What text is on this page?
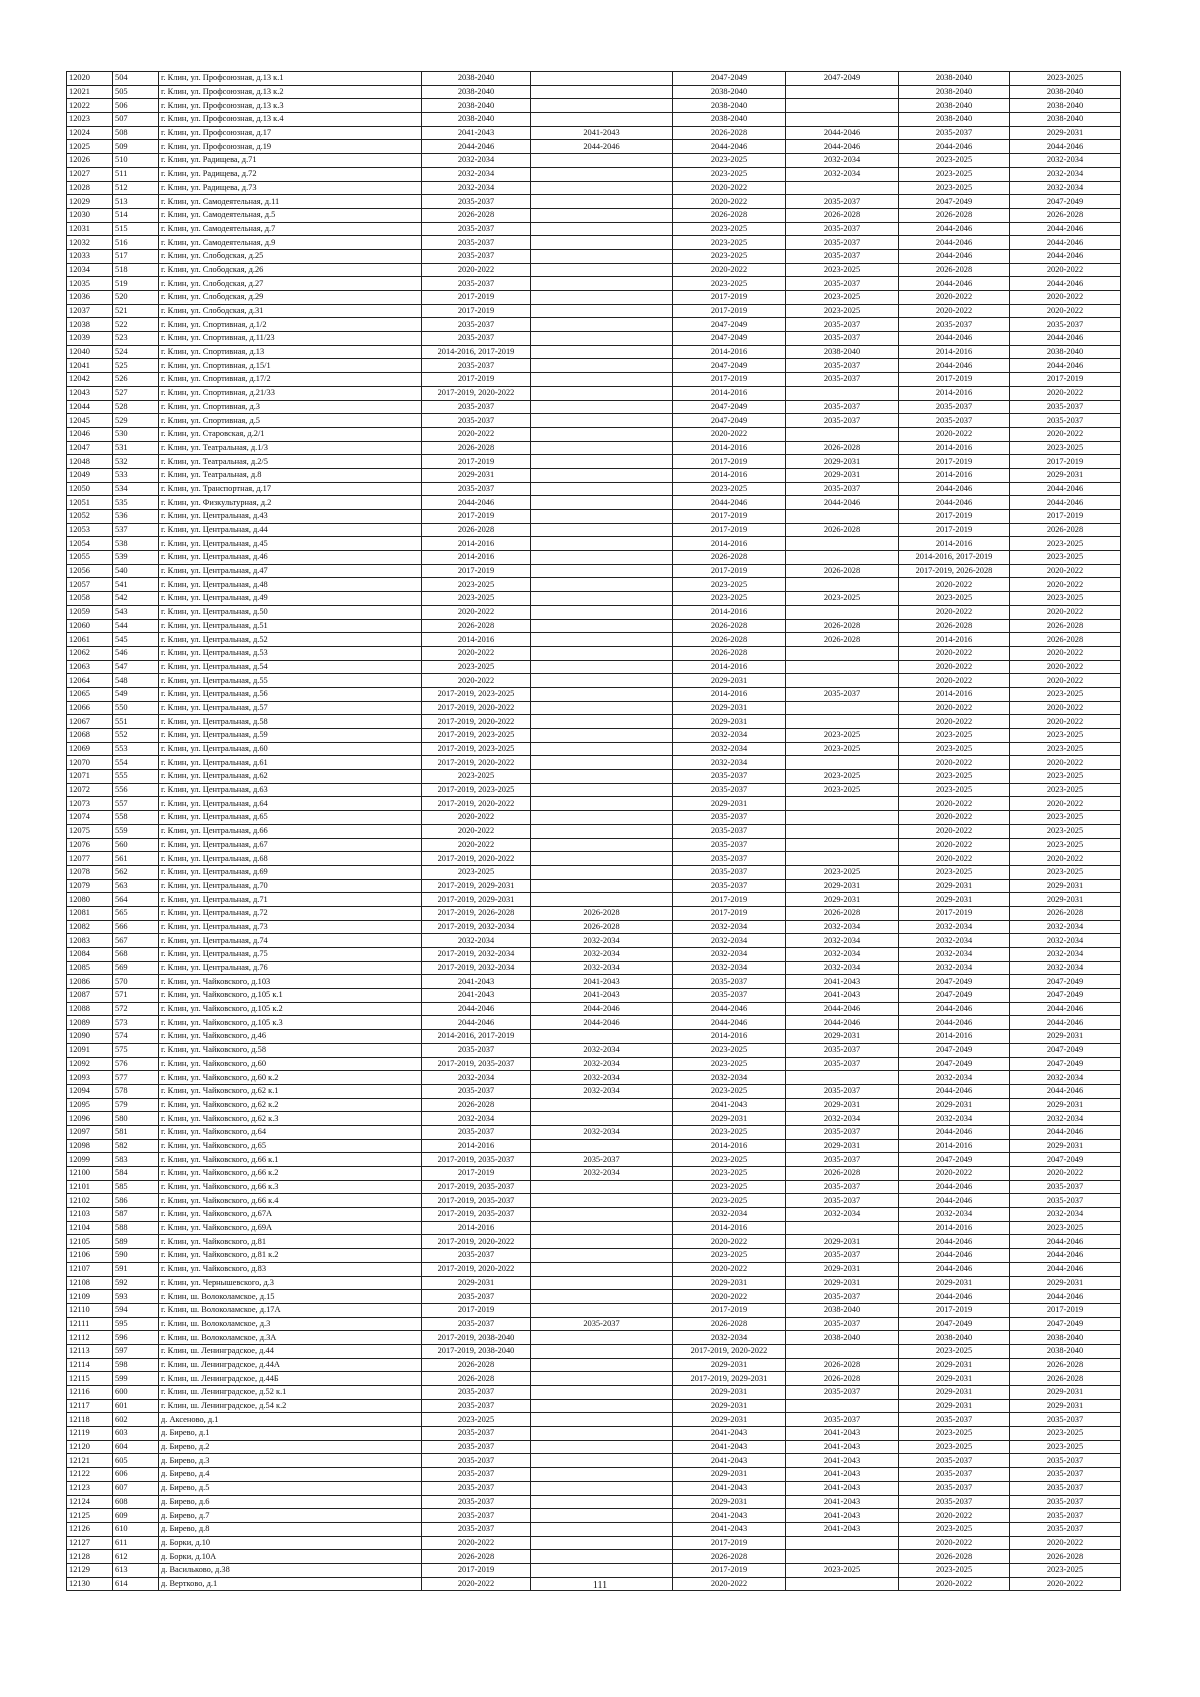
12020	504	г. Клин, ул. Профсоюзная, д.13 к.1	2038-2040		2047-2049	2047-2049	2038-2040	2023-2025
12021	505	г. Клин, ул. Профсоюзная, д.13 к.2	2038-2040		2038-2040		2038-2040	2038-2040
12022	506	г. Клин, ул. Профсоюзная, д.13 к.3	2038-2040		2038-2040		2038-2040	2038-2040
12023	507	г. Клин, ул. Профсоюзная, д.13 к.4	2038-2040		2038-2040		2038-2040	2038-2040
12024	508	г. Клин, ул. Профсоюзная, д.17	2041-2043	2041-2043	2026-2028	2044-2046	2035-2037	2029-2031
12025	509	г. Клин, ул. Профсоюзная, д.19	2044-2046	2044-2046	2044-2046	2044-2046	2044-2046	2044-2046
12026	510	г. Клин, ул. Радищева, д.71	2032-2034		2023-2025	2032-2034	2023-2025	2032-2034
12027	511	г. Клин, ул. Радищева, д.72	2032-2034		2023-2025	2032-2034	2023-2025	2032-2034
12028	512	г. Клин, ул. Радищева, д.73	2032-2034		2020-2022		2023-2025	2032-2034
12029	513	г. Клин, ул. Самодеятельная, д.11	2035-2037		2020-2022	2035-2037	2047-2049	2047-2049
12030	514	г. Клин, ул. Самодеятельная, д.5	2026-2028		2026-2028	2026-2028	2026-2028	2026-2028
12031	515	г. Клин, ул. Самодеятельная, д.7	2035-2037		2023-2025	2035-2037	2044-2046	2044-2046
12032	516	г. Клин, ул. Самодеятельная, д.9	2035-2037		2023-2025	2035-2037	2044-2046	2044-2046
12033	517	г. Клин, ул. Слободская, д.25	2035-2037		2023-2025	2035-2037	2044-2046	2044-2046
12034	518	г. Клин, ул. Слободская, д.26	2020-2022		2020-2022	2023-2025	2026-2028	2020-2022
12035	519	г. Клин, ул. Слободская, д.27	2035-2037		2023-2025	2035-2037	2044-2046	2044-2046
12036	520	г. Клин, ул. Слободская, д.29	2017-2019		2017-2019	2023-2025	2020-2022	2020-2022
12037	521	г. Клин, ул. Слободская, д.31	2017-2019		2017-2019	2023-2025	2020-2022	2020-2022
12038	522	г. Клин, ул. Спортивная, д.1/2	2035-2037		2047-2049	2035-2037	2035-2037	2035-2037
12039	523	г. Клин, ул. Спортивная, д.11/23	2035-2037		2047-2049	2035-2037	2044-2046	2044-2046
12040	524	г. Клин, ул. Спортивная, д.13	2014-2016, 2017-2019		2014-2016	2038-2040	2014-2016	2038-2040
12041	525	г. Клин, ул. Спортивная, д.15/1	2035-2037		2047-2049	2035-2037	2044-2046	2044-2046
12042	526	г. Клин, ул. Спортивная, д.17/2	2017-2019		2017-2019	2035-2037	2017-2019	2017-2019
12043	527	г. Клин, ул. Спортивная, д.21/33	2017-2019, 2020-2022		2014-2016		2014-2016	2020-2022
12044	528	г. Клин, ул. Спортивная, д.3	2035-2037		2047-2049	2035-2037	2035-2037	2035-2037
12045	529	г. Клин, ул. Спортивная, д.5	2035-2037		2047-2049	2035-2037	2035-2037	2035-2037
12046	530	г. Клин, ул. Старовская, д.2/1	2020-2022		2020-2022		2020-2022	2020-2022
12047	531	г. Клин, ул. Театральная, д.1/3	2026-2028		2014-2016	2026-2028	2014-2016	2023-2025
12048	532	г. Клин, ул. Театральная, д.2/5	2017-2019		2017-2019	2029-2031	2017-2019	2017-2019
12049	533	г. Клин, ул. Театральная, д.8	2029-2031		2014-2016	2029-2031	2014-2016	2029-2031
12050	534	г. Клин, ул. Транспортная, д.17	2035-2037		2023-2025	2035-2037	2044-2046	2044-2046
12051	535	г. Клин, ул. Физкультурная, д.2	2044-2046		2044-2046	2044-2046	2044-2046	2044-2046
12052	536	г. Клин, ул. Центральная, д.43	2017-2019		2017-2019		2017-2019	2017-2019
12053	537	г. Клин, ул. Центральная, д.44	2026-2028		2017-2019	2026-2028	2017-2019	2026-2028
12054	538	г. Клин, ул. Центральная, д.45	2014-2016		2014-2016		2014-2016	2023-2025
12055	539	г. Клин, ул. Центральная, д.46	2014-2016		2026-2028		2014-2016, 2017-2019	2023-2025
12056	540	г. Клин, ул. Центральная, д.47	2017-2019		2017-2019	2026-2028	2017-2019, 2026-2028	2020-2022
12057	541	г. Клин, ул. Центральная, д.48	2023-2025		2023-2025		2020-2022	2020-2022
12058	542	г. Клин, ул. Центральная, д.49	2023-2025		2023-2025	2023-2025	2023-2025	2023-2025
12059	543	г. Клин, ул. Центральная, д.50	2020-2022		2014-2016		2020-2022	2020-2022
12060	544	г. Клин, ул. Центральная, д.51	2026-2028		2026-2028	2026-2028	2026-2028	2026-2028
12061	545	г. Клин, ул. Центральная, д.52	2014-2016		2026-2028	2026-2028	2014-2016	2026-2028
12062	546	г. Клин, ул. Центральная, д.53	2020-2022		2026-2028		2020-2022	2020-2022
12063	547	г. Клин, ул. Центральная, д.54	2023-2025		2014-2016		2020-2022	2020-2022
12064	548	г. Клин, ул. Центральная, д.55	2020-2022		2029-2031		2020-2022	2020-2022
12065	549	г. Клин, ул. Центральная, д.56	2017-2019, 2023-2025		2014-2016	2035-2037	2014-2016	2023-2025
12066	550	г. Клин, ул. Центральная, д.57	2017-2019, 2020-2022		2029-2031		2020-2022	2020-2022
12067	551	г. Клин, ул. Центральная, д.58	2017-2019, 2020-2022		2029-2031		2020-2022	2020-2022
12068	552	г. Клин, ул. Центральная, д.59	2017-2019, 2023-2025		2032-2034	2023-2025	2023-2025	2023-2025
12069	553	г. Клин, ул. Центральная, д.60	2017-2019, 2023-2025		2032-2034	2023-2025	2023-2025	2023-2025
12070	554	г. Клин, ул. Центральная, д.61	2017-2019, 2020-2022		2032-2034		2020-2022	2020-2022
12071	555	г. Клин, ул. Центральная, д.62	2023-2025		2035-2037	2023-2025	2023-2025	2023-2025
12072	556	г. Клин, ул. Центральная, д.63	2017-2019, 2023-2025		2035-2037	2023-2025	2023-2025	2023-2025
12073	557	г. Клин, ул. Центральная, д.64	2017-2019, 2020-2022		2029-2031		2020-2022	2020-2022
12074	558	г. Клин, ул. Центральная, д.65	2020-2022		2035-2037		2020-2022	2023-2025
12075	559	г. Клин, ул. Центральная, д.66	2020-2022		2035-2037		2020-2022	2023-2025
12076	560	г. Клин, ул. Центральная, д.67	2020-2022		2035-2037		2020-2022	2023-2025
12077	561	г. Клин, ул. Центральная, д.68	2017-2019, 2020-2022		2035-2037		2020-2022	2020-2022
12078	562	г. Клин, ул. Центральная, д.69	2023-2025		2035-2037	2023-2025	2023-2025	2023-2025
12079	563	г. Клин, ул. Центральная, д.70	2017-2019, 2029-2031		2035-2037	2029-2031	2029-2031	2029-2031
12080	564	г. Клин, ул. Центральная, д.71	2017-2019, 2029-2031		2017-2019	2029-2031	2029-2031	2029-2031
12081	565	г. Клин, ул. Центральная, д.72	2017-2019, 2026-2028	2026-2028	2017-2019	2026-2028	2017-2019	2026-2028
12082	566	г. Клин, ул. Центральная, д.73	2017-2019, 2032-2034	2026-2028	2032-2034	2032-2034	2032-2034	2032-2034
12083	567	г. Клин, ул. Центральная, д.74	2032-2034	2032-2034	2032-2034	2032-2034	2032-2034	2032-2034
12084	568	г. Клин, ул. Центральная, д.75	2017-2019, 2032-2034	2032-2034	2032-2034	2032-2034	2032-2034	2032-2034
12085	569	г. Клин, ул. Центральная, д.76	2017-2019, 2032-2034	2032-2034	2032-2034	2032-2034	2032-2034	2032-2034
12086	570	г. Клин, ул. Чайковского, д.103	2041-2043	2041-2043	2035-2037	2041-2043	2047-2049	2047-2049
12087	571	г. Клин, ул. Чайковского, д.105 к.1	2041-2043	2041-2043	2035-2037	2041-2043	2047-2049	2047-2049
12088	572	г. Клин, ул. Чайковского, д.105 к.2	2044-2046	2044-2046	2044-2046	2044-2046	2044-2046	2044-2046
12089	573	г. Клин, ул. Чайковского, д.105 к.3	2044-2046	2044-2046	2044-2046	2044-2046	2044-2046	2044-2046
12090	574	г. Клин, ул. Чайковского, д.46	2014-2016, 2017-2019		2014-2016	2029-2031	2014-2016	2029-2031
12091	575	г. Клин, ул. Чайковского, д.58	2035-2037	2032-2034	2023-2025	2035-2037	2047-2049	2047-2049
12092	576	г. Клин, ул. Чайковского, д.60	2017-2019, 2035-2037	2032-2034	2023-2025	2035-2037	2047-2049	2047-2049
12093	577	г. Клин, ул. Чайковского, д.60 к.2	2032-2034	2032-2034	2032-2034		2032-2034	2032-2034
12094	578	г. Клин, ул. Чайковского, д.62 к.1	2035-2037	2032-2034	2023-2025	2035-2037	2044-2046	2044-2046
12095	579	г. Клин, ул. Чайковского, д.62 к.2	2026-2028		2041-2043	2029-2031	2029-2031	2029-2031
12096	580	г. Клин, ул. Чайковского, д.62 к.3	2032-2034		2029-2031	2032-2034	2032-2034	2032-2034
12097	581	г. Клин, ул. Чайковского, д.64	2035-2037	2032-2034	2023-2025	2035-2037	2044-2046	2044-2046
12098	582	г. Клин, ул. Чайковского, д.65	2014-2016		2014-2016	2029-2031	2014-2016	2029-2031
12099	583	г. Клин, ул. Чайковского, д.66 к.1	2017-2019, 2035-2037	2035-2037	2023-2025	2035-2037	2047-2049	2047-2049
12100	584	г. Клин, ул. Чайковского, д.66 к.2	2017-2019	2032-2034	2023-2025	2026-2028	2020-2022	2020-2022
12101	585	г. Клин, ул. Чайковского, д.66 к.3	2017-2019, 2035-2037		2023-2025	2035-2037	2044-2046	2035-2037
12102	586	г. Клин, ул. Чайковского, д.66 к.4	2017-2019, 2035-2037		2023-2025	2035-2037	2044-2046	2035-2037
12103	587	г. Клин, ул. Чайковского, д.67А	2017-2019, 2035-2037		2032-2034	2032-2034	2032-2034	2032-2034
12104	588	г. Клин, ул. Чайковского, д.69А	2014-2016		2014-2016		2014-2016	2023-2025
12105	589	г. Клин, ул. Чайковского, д.81	2017-2019, 2020-2022		2020-2022	2029-2031	2044-2046	2044-2046
12106	590	г. Клин, ул. Чайковского, д.81 к.2	2035-2037		2023-2025	2035-2037	2044-2046	2044-2046
12107	591	г. Клин, ул. Чайковского, д.83	2017-2019, 2020-2022		2020-2022	2029-2031	2044-2046	2044-2046
12108	592	г. Клин, ул. Чернышевского, д.3	2029-2031		2029-2031	2029-2031	2029-2031	2029-2031
12109	593	г. Клин, ш. Волоколамское, д.15	2035-2037		2020-2022	2035-2037	2044-2046	2044-2046
12110	594	г. Клин, ш. Волоколамское, д.17А	2017-2019		2017-2019	2038-2040	2017-2019	2017-2019
12111	595	г. Клин, ш. Волоколамское, д.3	2035-2037	2035-2037	2026-2028	2035-2037	2047-2049	2047-2049
12112	596	г. Клин, ш. Волоколамское, д.3А	2017-2019, 2038-2040		2032-2034	2038-2040	2038-2040	2038-2040
12113	597	г. Клин, ш. Ленинградское, д.44	2017-2019, 2038-2040		2017-2019, 2020-2022		2023-2025	2038-2040
12114	598	г. Клин, ш. Ленинградское, д.44А	2026-2028		2029-2031	2026-2028	2029-2031	2026-2028
12115	599	г. Клин, ш. Ленинградское, д.44Б	2026-2028		2017-2019, 2029-2031	2026-2028	2029-2031	2026-2028
12116	600	г. Клин, ш. Ленинградское, д.52 к.1	2035-2037		2029-2031	2035-2037	2029-2031	2029-2031
12117	601	г. Клин, ш. Ленинградское, д.54 к.2	2035-2037		2029-2031		2029-2031	2029-2031
12118	602	д. Аксеново, д.1	2023-2025		2029-2031	2035-2037	2035-2037	2035-2037
12119	603	д. Бирево, д.1	2035-2037		2041-2043	2041-2043	2023-2025	2023-2025
12120	604	д. Бирево, д.2	2035-2037		2041-2043	2041-2043	2023-2025	2023-2025
12121	605	д. Бирево, д.3	2035-2037		2041-2043	2041-2043	2035-2037	2035-2037
12122	606	д. Бирево, д.4	2035-2037		2029-2031	2041-2043	2035-2037	2035-2037
12123	607	д. Бирево, д.5	2035-2037		2041-2043	2041-2043	2035-2037	2035-2037
12124	608	д. Бирево, д.6	2035-2037		2029-2031	2041-2043	2035-2037	2035-2037
12125	609	д. Бирево, д.7	2035-2037		2041-2043	2041-2043	2020-2022	2035-2037
12126	610	д. Бирево, д.8	2035-2037		2041-2043	2041-2043	2023-2025	2035-2037
12127	611	д. Борки, д.10	2020-2022		2017-2019		2020-2022	2020-2022
12128	612	д. Борки, д.10А	2026-2028		2026-2028		2026-2028	2026-2028
12129	613	д. Васильково, д.38	2017-2019		2017-2019	2023-2025	2023-2025	2023-2025
12130	614	д. Вертково, д.1	2020-2022		2020-2022		2020-2022	2020-2022
111
